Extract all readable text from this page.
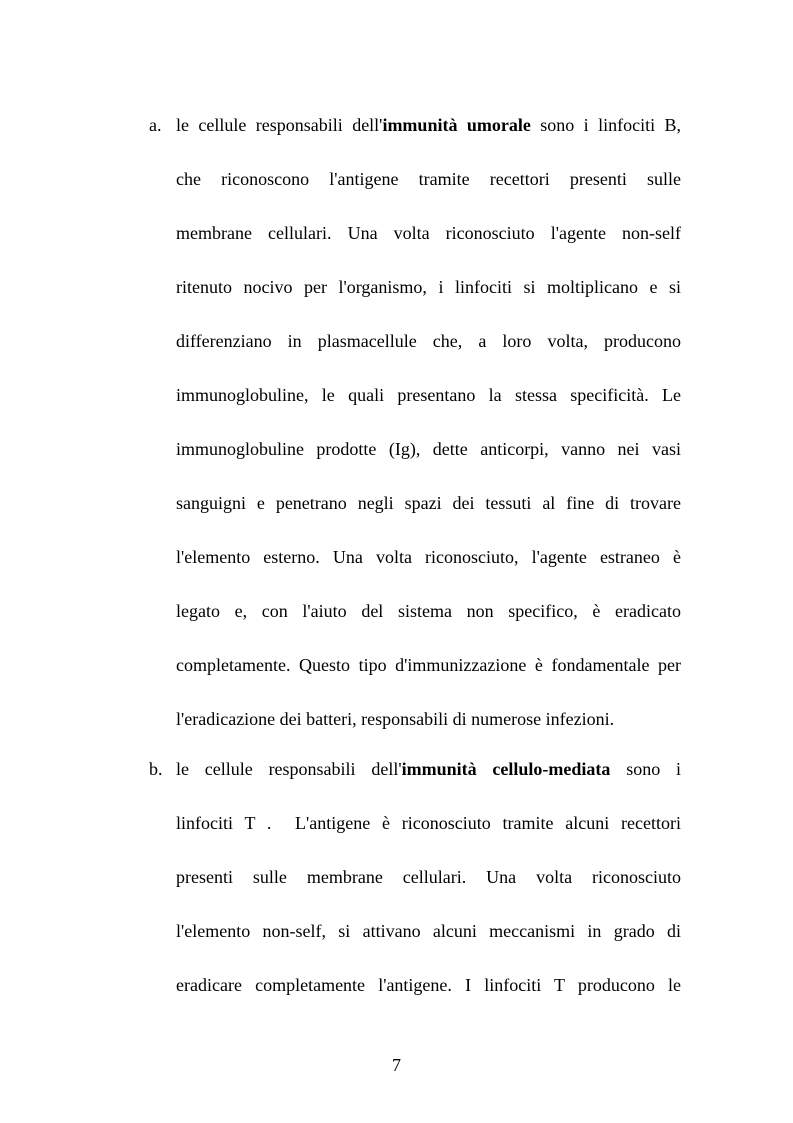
a. le cellule responsabili dell'immunità umorale sono i linfociti B,
che riconoscono l'antigene tramite recettori presenti sulle
membrane cellulari. Una volta riconosciuto l'agente non-self
ritenuto nocivo per l'organismo, i linfociti si moltiplicano e si
differenziano in plasmacellule che, a loro volta, producono
immunoglobuline, le quali presentano la stessa specificità. Le
immunoglobuline prodotte (Ig), dette anticorpi, vanno nei vasi
sanguigni e penetrano negli spazi dei tessuti al fine di trovare
l'elemento esterno. Una volta riconosciuto, l'agente estraneo è
legato e, con l'aiuto del sistema non specifico, è eradicato
completamente. Questo tipo d'immunizzazione è fondamentale per
l'eradicazione dei batteri, responsabili di numerose infezioni.
b. le cellule responsabili dell'immunità cellulo-mediata sono i
linfociti T .  L'antigene è riconosciuto tramite alcuni recettori
presenti sulle membrane cellulari. Una volta riconosciuto
l'elemento non-self, si attivano alcuni meccanismi in grado di
eradicare completamente l'antigene. I linfociti T producono le
7
